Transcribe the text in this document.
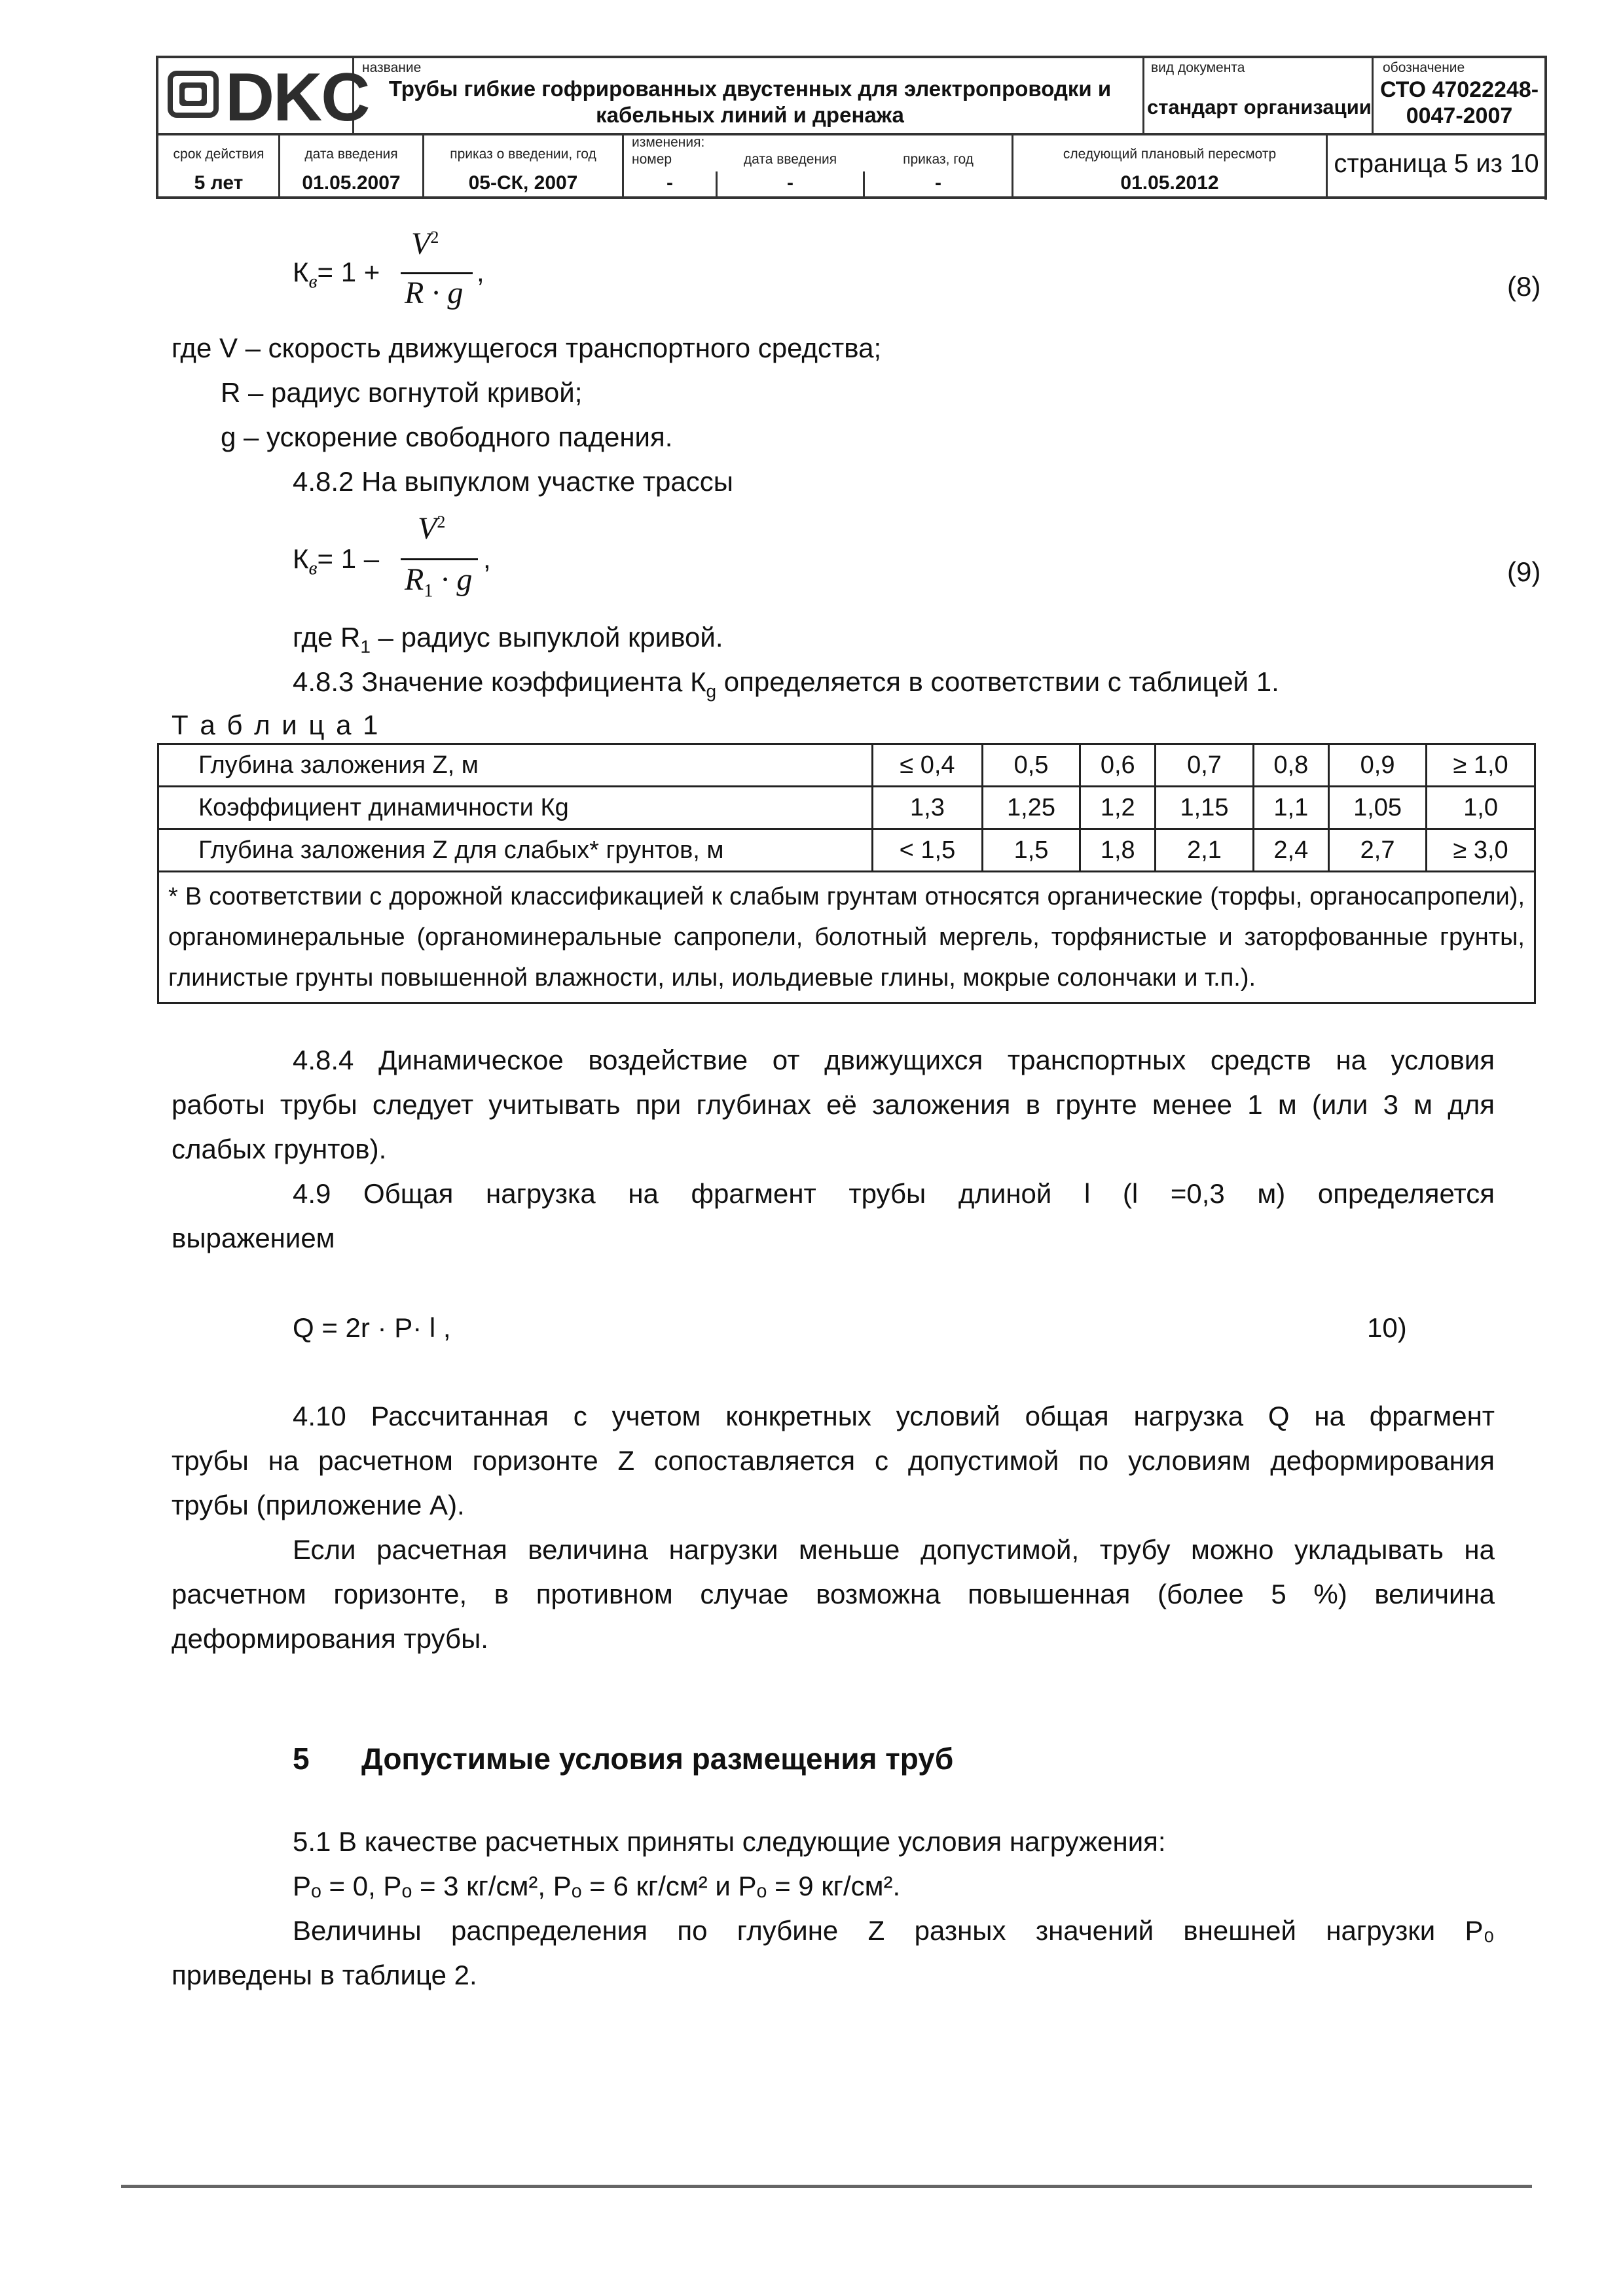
DKC
название
Трубы гибкие гофрированных двустенных для электропроводки и кабельных линий и дренажа
вид документа
стандарт организации
обозначение
СТО 47022248-
0047-2007
срок действия
5 лет
дата введения
01.05.2007
приказ о введении, год
05-СК, 2007
изменения:
номер
-
дата введения
-
приказ, год
-
следующий плановый пересмотр
01.05.2012
страница 5 из 10
$К_в= 1$ +
$V^2$
R · g
,	(8)
где V – скорость движущегося транспортного средства;
R – радиус вогнутой кривой;
g – ускорение свободного падения.
4.8.2 На выпуклом участке трассы
$К_в= 1$ –
$V^2$
$R_1 \cdot g$
,	(9)
где $R_1$ – радиус выпуклой кривой.
4.8.3 Значение коэффициента $К_g$ определяется в соответствии с таблицей 1.
Т а б л и ц а 1
Глубина заложения Z, м	≤ 0,4	0,5	0,6	0,7	0,8	0,9	≥ 1,0
Коэффициент динамичности Кg	1,3	1,25	1,2	1,15	1,1	1,05	1,0
Глубина заложения Z для слабых* грунтов, м	< 1,5	1,5	1,8	2,1	2,4	2,7	≥ 3,0
* В соответствии с дорожной классификацией к слабым грунтам относятся органические (торфы, органосапропели), органоминеральные (органоминеральные сапропели, болотный мергель, торфянистые и заторфованные грунты, глинистые грунты повышенной влажности, илы, иольдиевые глины, мокрые солончаки и т.п.).							
4.8.4 Динамическое воздействие от движущихся транспортных средств на условия
работы трубы следует учитывать при глубинах её заложения в грунте менее 1 м (или 3 м для
слабых грунтов).
4.9 Общая нагрузка на фрагмент трубы длиной l (l =0,3 м) определяется
выражением
Q = 2r · P· l ,	10)
4.10 Рассчитанная с учетом конкретных условий общая нагрузка Q на фрагмент
трубы на расчетном горизонте Z сопоставляется с допустимой по условиям деформирования
трубы (приложение А).
Если расчетная величина нагрузки меньше допустимой, трубу можно укладывать на
расчетном горизонте, в противном случае возможна повышенная (более 5 %) величина
деформирования трубы.
5 Допустимые условия размещения труб
5.1 В качестве расчетных приняты следующие условия нагружения:
Pₒ = 0, Pₒ = 3 кг/см², Pₒ = 6 кг/см² и Pₒ = 9 кг/см².
Величины распределения по глубине Z разных значений внешней нагрузки P₀
приведены в таблице 2.
